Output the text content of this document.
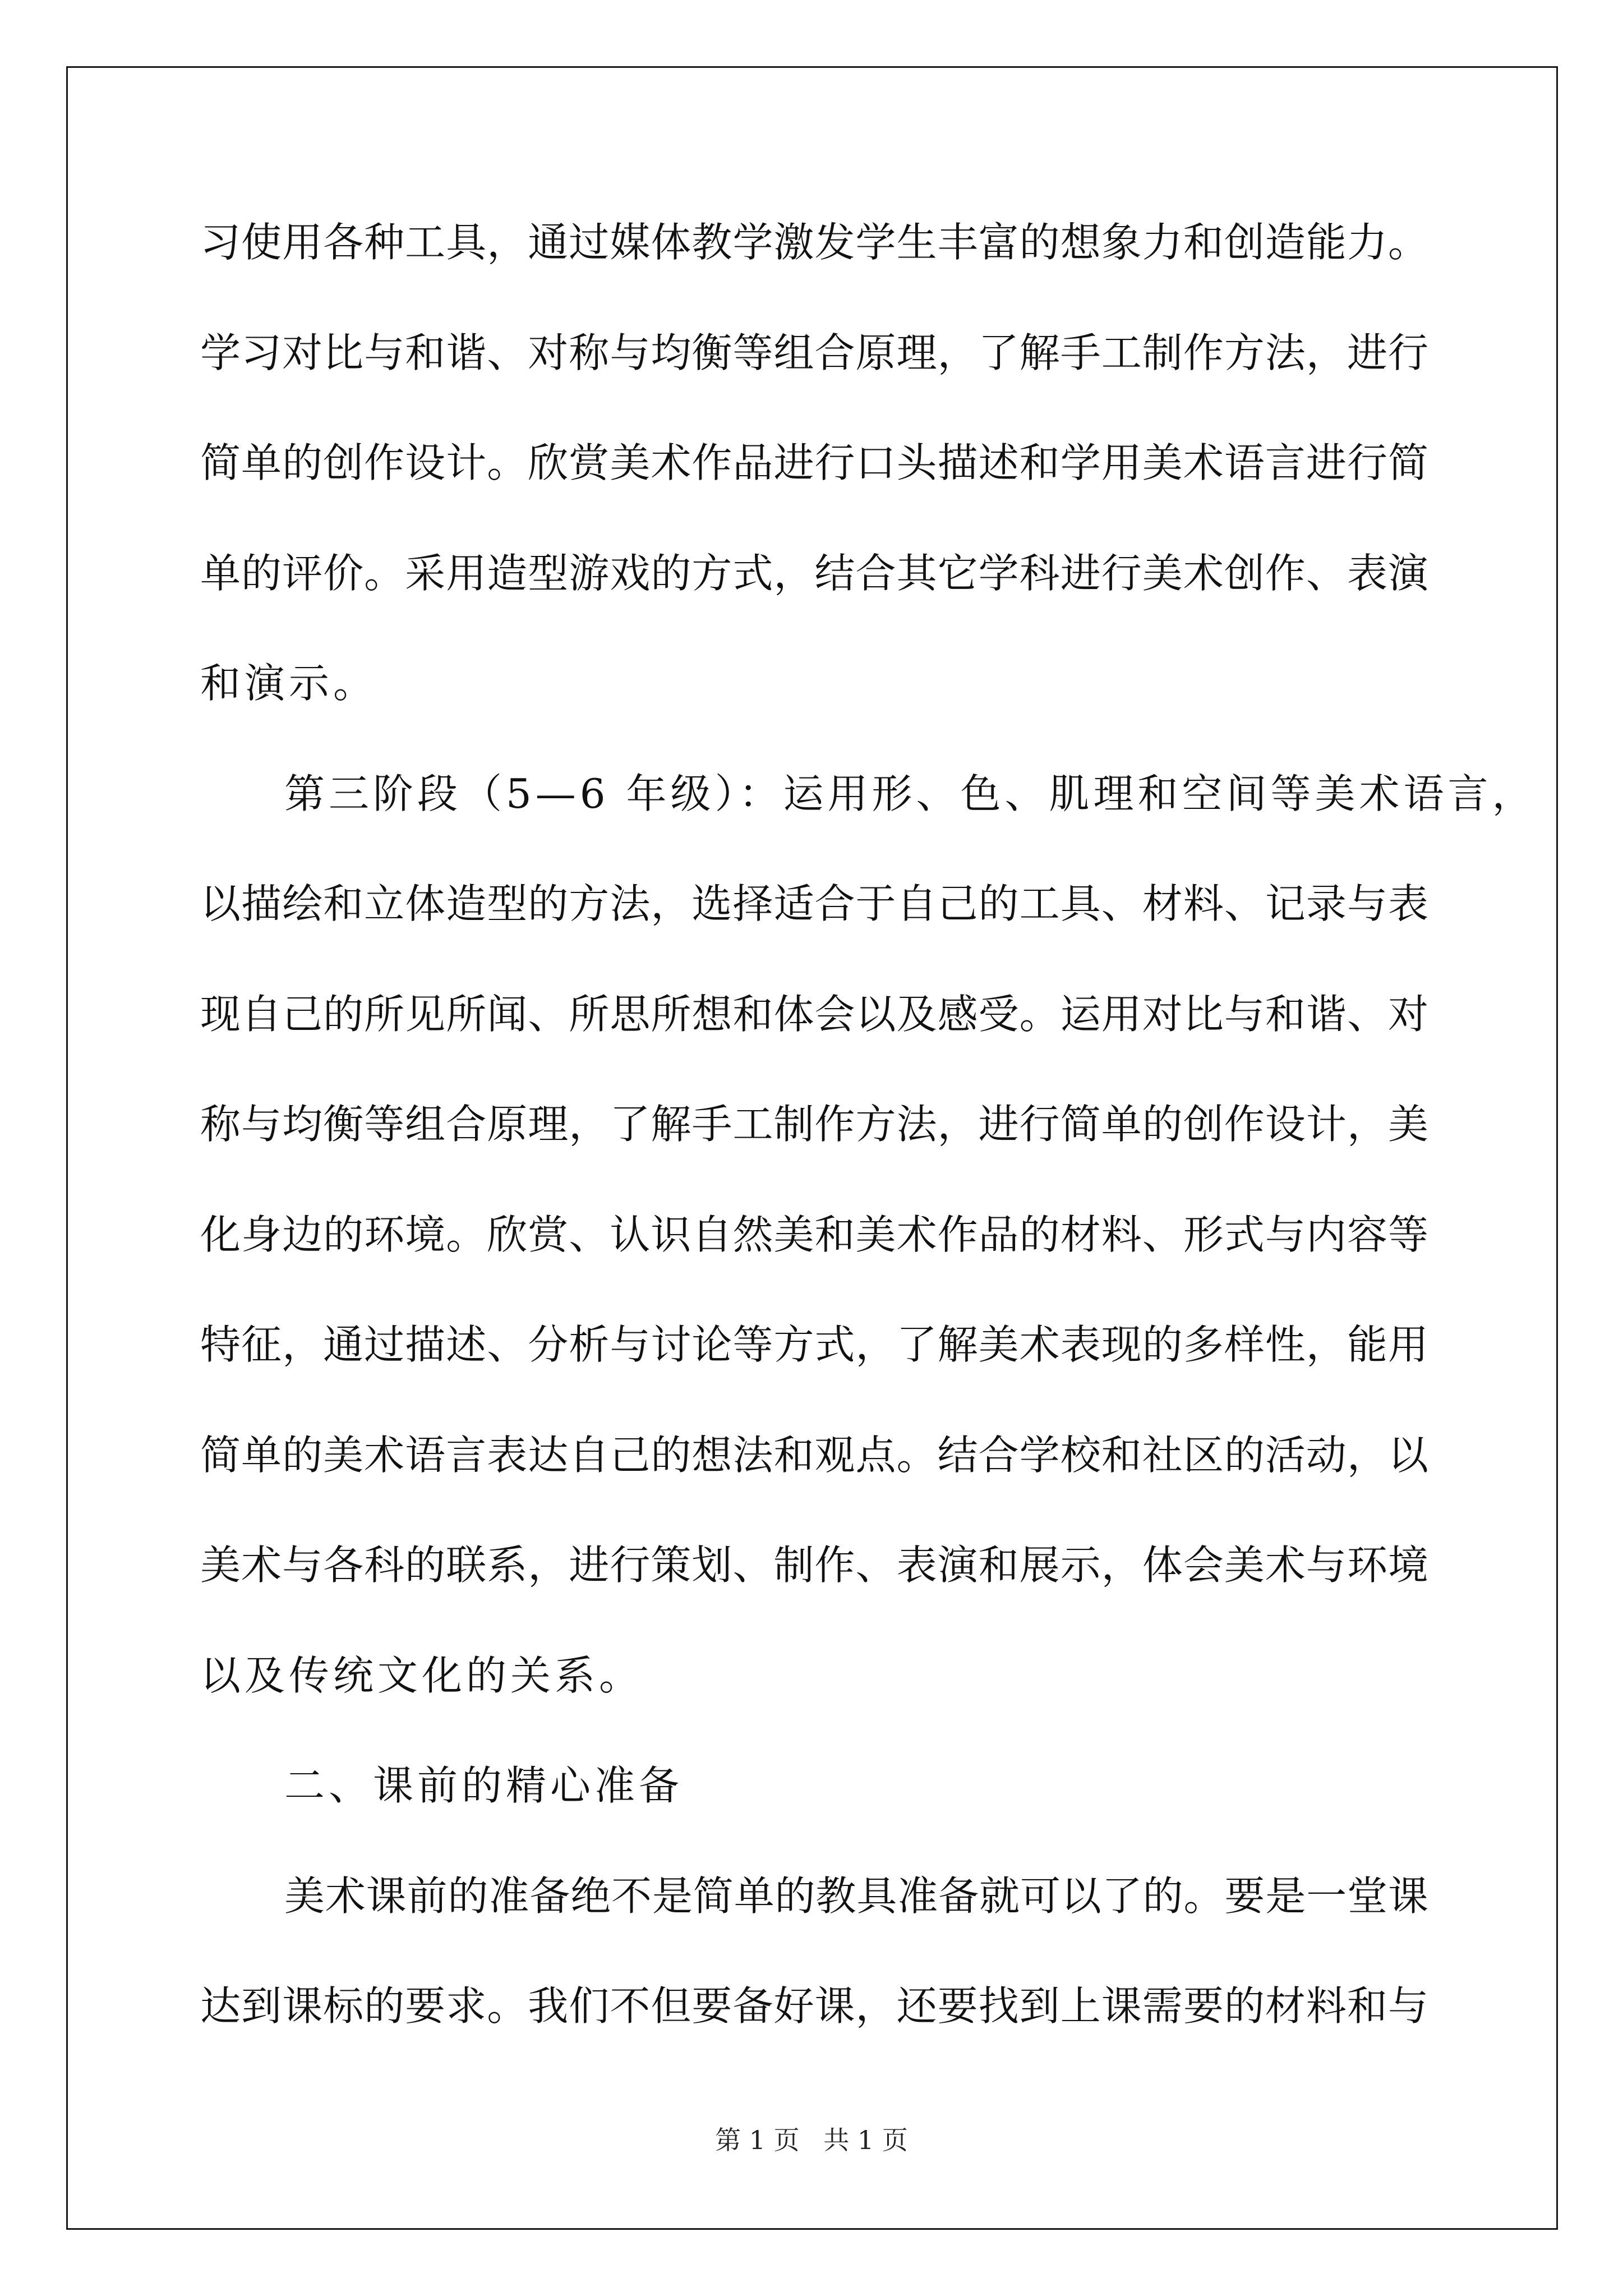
习使用各种工具，通过媒体教学激发学生丰富的想象力和创造能力。
学习对比与和谐、对称与均衡等组合原理，了解手工制作方法，进行
简单的创作设计。欣赏美术作品进行口头描述和学用美术语言进行简
单的评价。采用造型游戏的方式，结合其它学科进行美术创作、表演
和演示。
第三阶段（5—6 年级）：运用形、色、肌理和空间等美术语言，
以描绘和立体造型的方法，选择适合于自己的工具、材料、记录与表
现自己的所见所闻、所思所想和体会以及感受。运用对比与和谐、对
称与均衡等组合原理，了解手工制作方法，进行简单的创作设计，美
化身边的环境。欣赏、认识自然美和美术作品的材料、形式与内容等
特征，通过描述、分析与讨论等方式，了解美术表现的多样性，能用
简单的美术语言表达自己的想法和观点。结合学校和社区的活动，以
美术与各科的联系，进行策划、制作、表演和展示，体会美术与环境
以及传统文化的关系。
二、课前的精心准备
美术课前的准备绝不是简单的教具准备就可以了的。要是一堂课
达到课标的要求。我们不但要备好课，还要找到上课需要的材料和与
第 1 页 共 1 页
